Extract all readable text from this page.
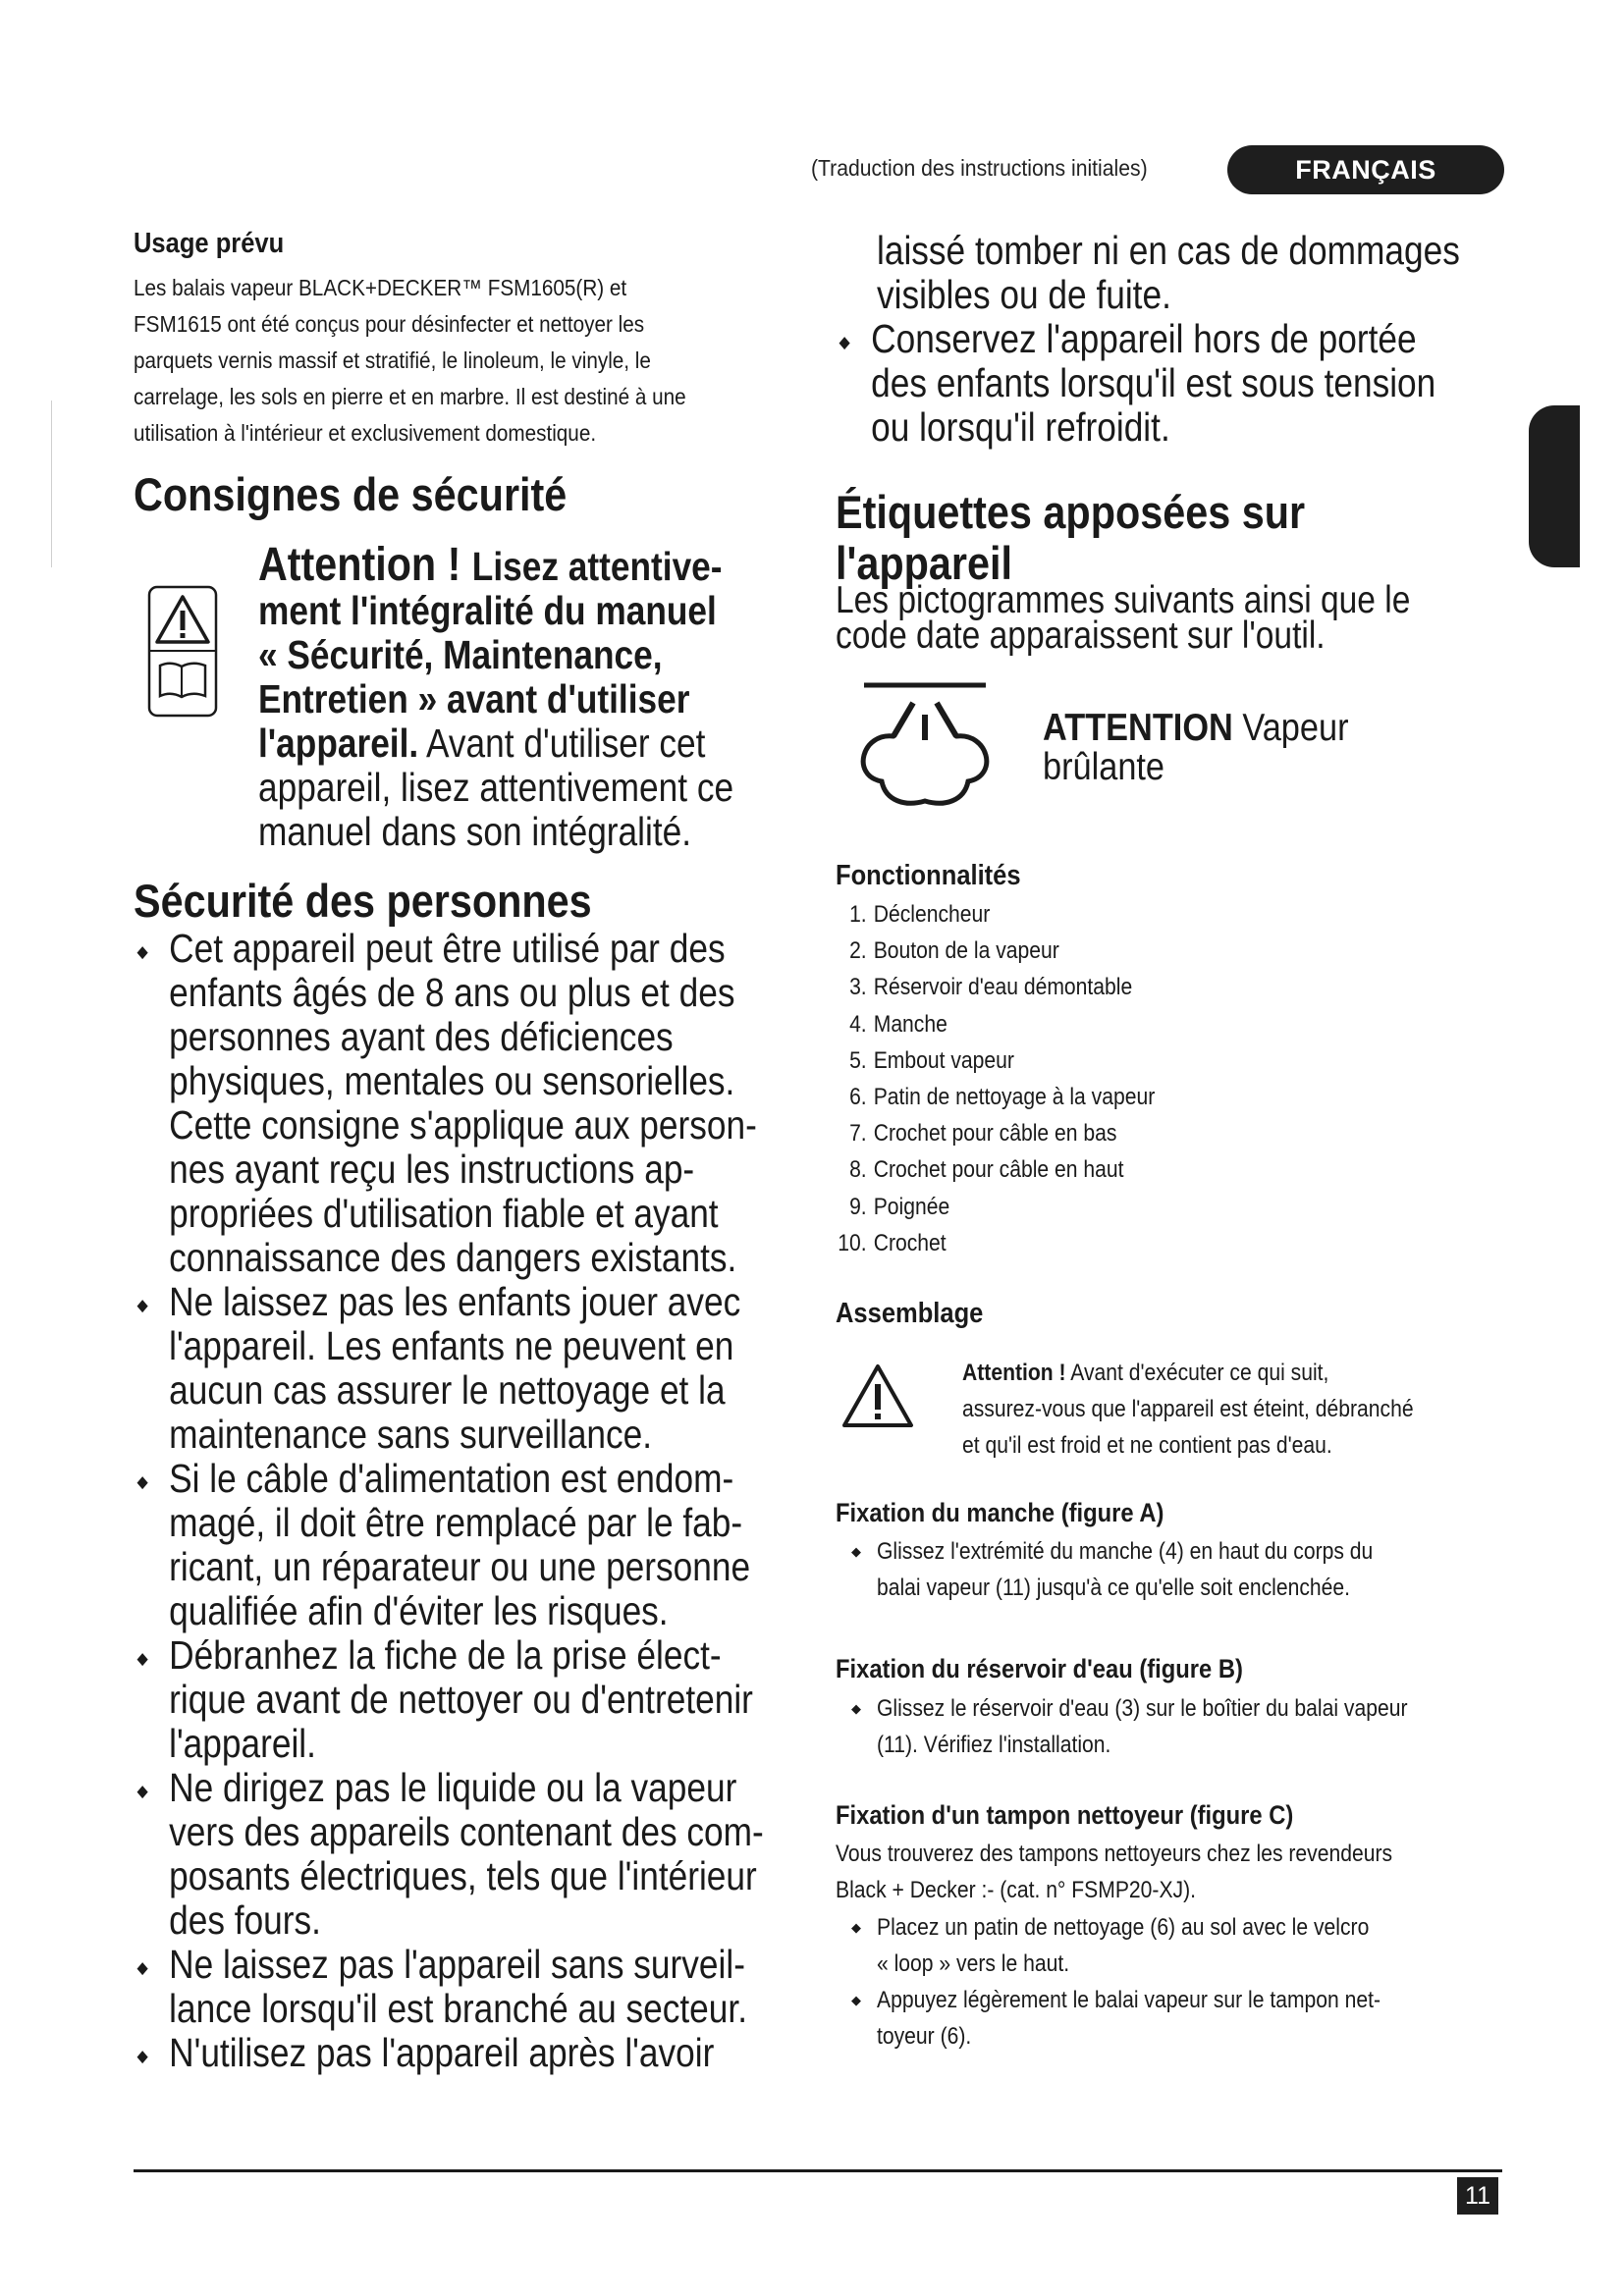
(Traduction des instructions initiales)	FRANÇAIS
Usage prévu
Les balais vapeur BLACK+DECKER™ FSM1605(R) et
FSM1615 ont été conçus pour désinfecter et nettoyer les
parquets vernis massif et stratifié, le linoleum, le vinyle, le
carrelage, les sols en pierre et en marbre. Il est destiné à une
utilisation à l'intérieur et exclusivement domestique.
Consignes de sécurité
Attention ! Lisez attentive-
ment l'intégralité du manuel
« Sécurité, Maintenance,
Entretien » avant d'utiliser
l'appareil. Avant d'utiliser cet
appareil, lisez attentivement ce
manuel dans son intégralité.
Sécurité des personnes
◆ Cet appareil peut être utilisé par des
enfants âgés de 8 ans ou plus et des
personnes ayant des déficiences
physiques, mentales ou sensorielles.
Cette consigne s'applique aux person-
nes ayant reçu les instructions ap-
propriées d'utilisation fiable et ayant
connaissance des dangers existants.
◆ Ne laissez pas les enfants jouer avec
l'appareil. Les enfants ne peuvent en
aucun cas assurer le nettoyage et la
maintenance sans surveillance.
◆ Si le câble d'alimentation est endom-
magé, il doit être remplacé par le fab-
ricant, un réparateur ou une personne
qualifiée afin d'éviter les risques.
◆ Débranhez la fiche de la prise élect-
rique avant de nettoyer ou d'entretenir
l'appareil.
◆ Ne dirigez pas le liquide ou la vapeur
vers des appareils contenant des com-
posants électriques, tels que l'intérieur
des fours.
◆ Ne laissez pas l'appareil sans surveil-
lance lorsqu'il est branché au secteur.
◆ N'utilisez pas l'appareil après l'avoir
laissé tomber ni en cas de dommages
visibles ou de fuite.
◆ Conservez l'appareil hors de portée
des enfants lorsqu'il est sous tension
ou lorsqu'il refroidit.
Étiquettes apposées sur
l'appareil
Les pictogrammes suivants ainsi que le
code date apparaissent sur l'outil.
ATTENTION Vapeur
brûlante
Fonctionnalités
1. Déclencheur
2. Bouton de la vapeur
3. Réservoir d'eau démontable
4. Manche
5. Embout vapeur
6. Patin de nettoyage à la vapeur
7. Crochet pour câble en bas
8. Crochet pour câble en haut
9. Poignée
10. Crochet
Assemblage
Attention ! Avant d'exécuter ce qui suit,
assurez-vous que l'appareil est éteint, débranché
et qu'il est froid et ne contient pas d'eau.
Fixation du manche (figure A)
◆ Glissez l'extrémité du manche (4) en haut du corps du
balai vapeur (11) jusqu'à ce qu'elle soit enclenchée.
Fixation du réservoir d'eau (figure B)
◆ Glissez le réservoir d'eau (3) sur le boîtier du balai vapeur
(11). Vérifiez l'installation.
Fixation d'un tampon nettoyeur (figure C)
Vous trouverez des tampons nettoyeurs chez les revendeurs
Black + Decker :- (cat. n° FSMP20-XJ).
◆ Placez un patin de nettoyage (6) au sol avec le velcro
« loop » vers le haut.
◆ Appuyez légèrement le balai vapeur sur le tampon net-
toyeur (6).
11
